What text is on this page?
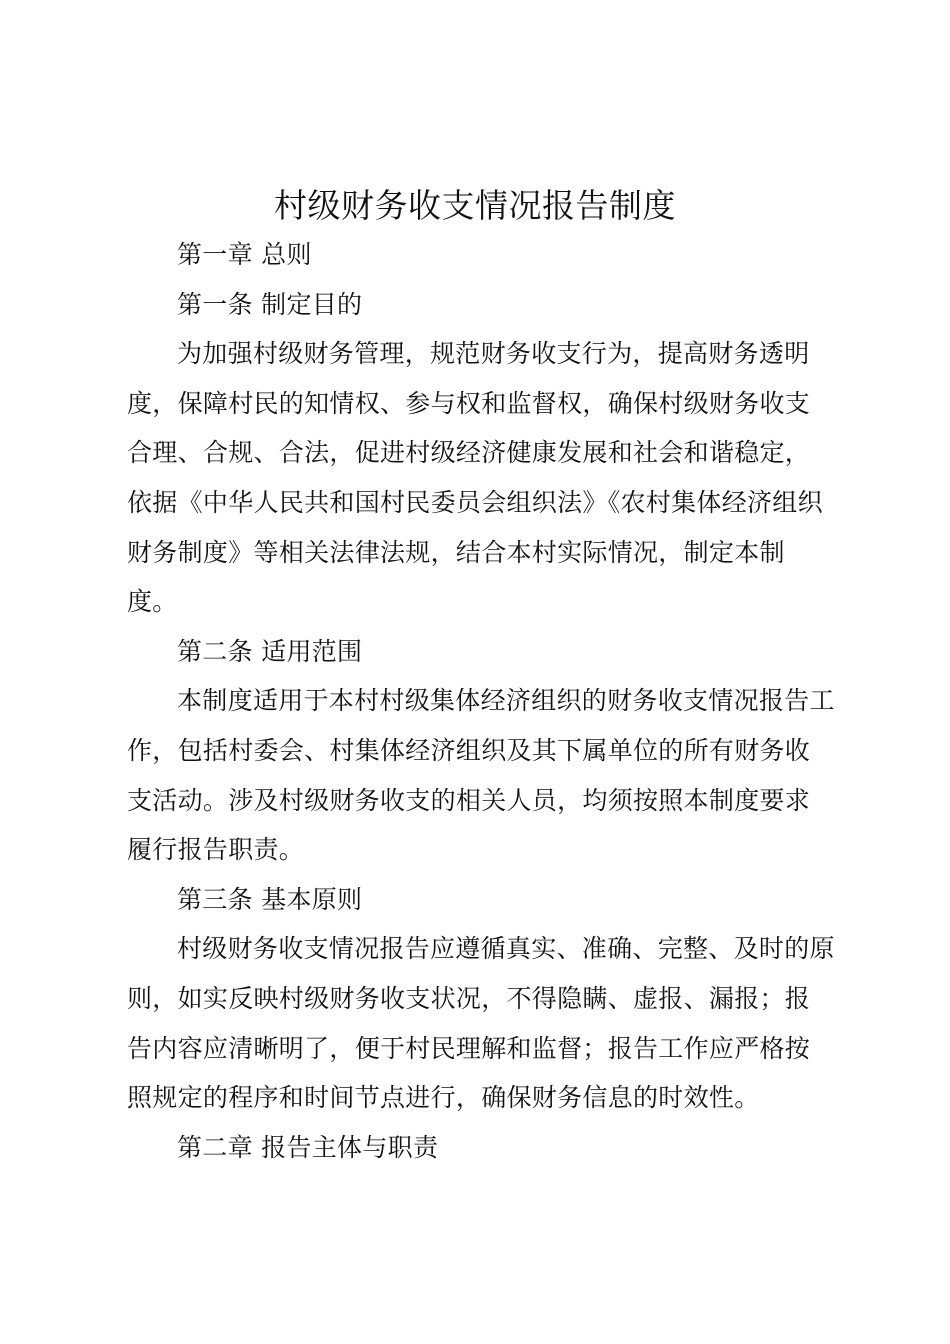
村级财务收支情况报告制度

第一章 总则

第一条 制定目的

为加强村级财务管理，规范财务收支行为，提高财务透明度，保障村民的知情权、参与权和监督权，确保村级财务收支合理、合规、合法，促进村级经济健康发展和社会和谐稳定，依据《中华人民共和国村民委员会组织法》《农村集体经济组织财务制度》等相关法律法规，结合本村实际情况，制定本制度。

第二条 适用范围

本制度适用于本村村级集体经济组织的财务收支情况报告工作，包括村委会、村集体经济组织及其下属单位的所有财务收支活动。涉及村级财务收支的相关人员，均须按照本制度要求履行报告职责。

第三条 基本原则

村级财务收支情况报告应遵循真实、准确、完整、及时的原则，如实反映村级财务收支状况，不得隐瞒、虚报、漏报；报告内容应清晰明了，便于村民理解和监督；报告工作应严格按照规定的程序和时间节点进行，确保财务信息的时效性。

第二章 报告主体与职责
